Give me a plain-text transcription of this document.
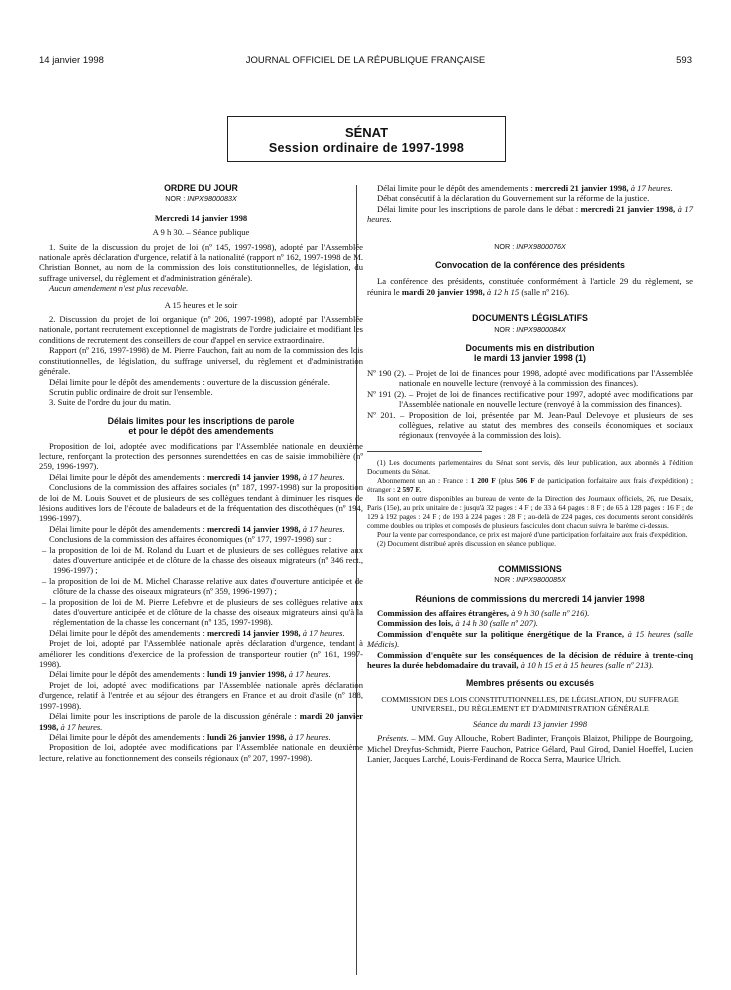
14 janvier 1998	JOURNAL OFFICIEL DE LA RÉPUBLIQUE FRANÇAISE	593
SÉNAT
Session ordinaire de 1997-1998

ORDRE DU JOUR

NOR : INPX9800083X

Mercredi 14 janvier 1998

A 9 h 30. – Séance publique

1. Suite de la discussion du projet de loi (nº 145, 1997-1998), adopté par l'Assemblée nationale après déclaration d'urgence, relatif à la nationalité (rapport nº 162, 1997-1998 de M. Christian Bonnet, au nom de la commission des lois constitutionnelles, de législation, du suffrage universel, du règlement et d'administration générale).

Aucun amendement n'est plus recevable.

A 15 heures et le soir

2. Discussion du projet de loi organique (nº 206, 1997-1998), adopté par l'Assemblée nationale, portant recrutement exceptionnel de magistrats de l'ordre judiciaire et modifiant les conditions de recrutement des conseillers de cour d'appel en service extraordinaire.

Rapport (nº 216, 1997-1998) de M. Pierre Fauchon, fait au nom de la commission des lois constitutionnelles, de législation, du suffrage universel, du règlement et d'administration générale.

Délai limite pour le dépôt des amendements : ouverture de la discussion générale.

Scrutin public ordinaire de droit sur l'ensemble.

3. Suite de l'ordre du jour du matin.

Délais limites pour les inscriptions de parole

et pour le dépôt des amendements

Proposition de loi, adoptée avec modifications par l'Assemblée nationale en deuxième lecture, renforçant la protection des personnes surendettées en cas de saisie immobilière (nº 259, 1996-1997).

Délai limite pour le dépôt des amendements : mercredi 14 janvier 1998, à 17 heures.

Conclusions de la commission des affaires sociales (nº 187, 1997-1998) sur la proposition de loi de M. Louis Souvet et de plusieurs de ses collègues tendant à diminuer les risques de lésions auditives lors de l'écoute de baladeurs et de la fréquentation des discothèques (nº 194, 1996-1997).

Délai limite pour le dépôt des amendements : mercredi 14 janvier 1998, à 17 heures.

Conclusions de la commission des affaires économiques (nº 177, 1997-1998) sur :

– la proposition de loi de M. Roland du Luart et de plusieurs de ses collègues relative aux dates d'ouverture anticipée et de clôture de la chasse des oiseaux migrateurs (nº 346 rect., 1996-1997) ;

– la proposition de loi de M. Michel Charasse relative aux dates d'ouverture anticipée et de clôture de la chasse des oiseaux migrateurs (nº 359, 1996-1997) ;

– la proposition de loi de M. Pierre Lefebvre et de plusieurs de ses collègues relative aux dates d'ouverture anticipée et de clôture de la chasse des oiseaux migrateurs ainsi qu'à la réglementation de la chasse les concernant (nº 135, 1997-1998).

Délai limite pour le dépôt des amendements : mercredi 14 janvier 1998, à 17 heures.

Projet de loi, adopté par l'Assemblée nationale après déclaration d'urgence, tendant à améliorer les conditions d'exercice de la profession de transporteur routier (nº 161, 1997-1998).

Délai limite pour le dépôt des amendements : lundi 19 janvier 1998, à 17 heures.

Projet de loi, adopté avec modifications par l'Assemblée nationale après déclaration d'urgence, relatif à l'entrée et au séjour des étrangers en France et au droit d'asile (nº 188, 1997-1998).

Délai limite pour les inscriptions de parole de la discussion générale : mardi 20 janvier 1998, à 17 heures.

Délai limite pour le dépôt des amendements : lundi 26 janvier 1998, à 17 heures.

Proposition de loi, adoptée avec modifications par l'Assemblée nationale en deuxième lecture, relative au fonctionnement des conseils régionaux (nº 207, 1997-1998).

Délai limite pour le dépôt des amendements : mercredi 21 janvier 1998, à 17 heures.

Débat consécutif à la déclaration du Gouvernement sur la réforme de la justice.

Délai limite pour les inscriptions de parole dans le débat : mercredi 21 janvier 1998, à 17 heures.

NOR : INPX9800076X

Convocation de la conférence des présidents

La conférence des présidents, constituée conformément à l'article 29 du règlement, se réunira le mardi 20 janvier 1998, à 12 h 15 (salle nº 216).

DOCUMENTS LÉGISLATIFS

NOR : INPX9800084X

Documents mis en distribution

le mardi 13 janvier 1998 (1)

Nº 190 (2). – Projet de loi de finances pour 1998, adopté avec modifications par l'Assemblée nationale en nouvelle lecture (renvoyé à la commission des finances).

Nº 191 (2). – Projet de loi de finances rectificative pour 1997, adopté avec modifications par l'Assemblée nationale en nouvelle lecture (renvoyé à la commission des finances).

Nº 201. – Proposition de loi, présentée par M. Jean-Paul Delevoye et plusieurs de ses collègues, relative au statut des membres des conseils économiques et sociaux régionaux (renvoyée à la commission des lois).

(1) Les documents parlementaires du Sénat sont servis, dès leur publication, aux abonnés à l'édition Documents du Sénat.

Abonnement un an : France : 1 200 F (plus 506 F de participation forfaitaire aux frais d'expédition) ; étranger : 2 597 F.

Ils sont en outre disponibles au bureau de vente de la Direction des Journaux officiels, 26, rue Desaix, Paris (15e), au prix unitaire de : jusqu'à 32 pages : 4 F ; de 33 à 64 pages : 8 F ; de 65 à 128 pages : 16 F ; de 129 à 192 pages : 24 F ; de 193 à 224 pages : 28 F ; au-delà de 224 pages, ces documents seront considérés comme doubles ou triples et composés de plusieurs fascicules dont chacun suivra le barème ci-dessus.

Pour la vente par correspondance, ce prix est majoré d'une participation forfaitaire aux frais d'expédition.

(2) Document distribué après discussion en séance publique.

COMMISSIONS

NOR : INPX9800085X

Réunions de commissions du mercredi 14 janvier 1998

Commission des affaires étrangères, à 9 h 30 (salle nº 216).

Commission des lois, à 14 h 30 (salle nº 207).

Commission d'enquête sur la politique énergétique de la France, à 15 heures (salle Médicis).

Commission d'enquête sur les conséquences de la décision de réduire à trente-cinq heures la durée hebdomadaire du travail, à 10 h 15 et à 15 heures (salle nº 213).

Membres présents ou excusés

COMMISSION DES LOIS CONSTITUTIONNELLES, DE LÉGISLATION, DU SUFFRAGE UNIVERSEL, DU RÈGLEMENT ET D'ADMINISTRATION GÉNÉRALE

Séance du mardi 13 janvier 1998

Présents. – MM. Guy Allouche, Robert Badinter, François Blaizot, Philippe de Bourgoing, Michel Dreyfus-Schmidt, Pierre Fauchon, Patrice Gélard, Paul Girod, Daniel Hoeffel, Lucien Lanier, Jacques Larché, Louis-Ferdinand de Rocca Serra, Maurice Ulrich.
